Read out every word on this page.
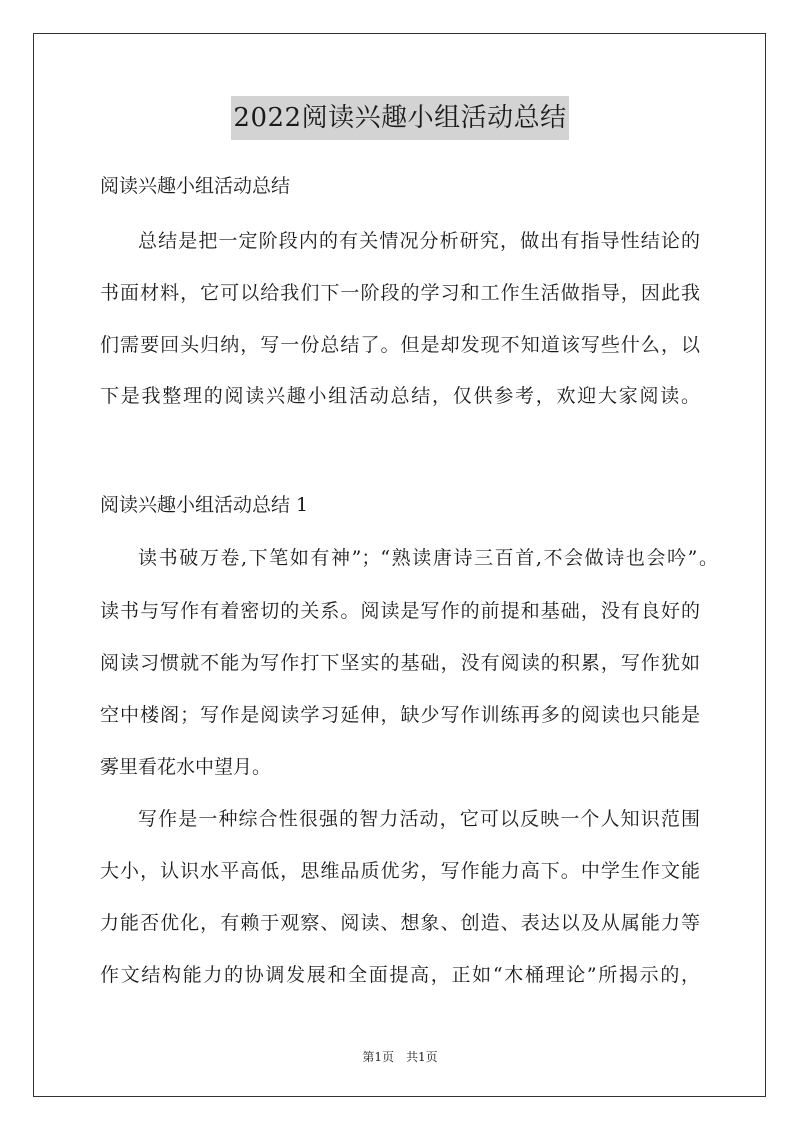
2022阅读兴趣小组活动总结
阅读兴趣小组活动总结
总结是把一定阶段内的有关情况分析研究，做出有指导性结论的
书面材料，它可以给我们下一阶段的学习和工作生活做指导，因此我
们需要回头归纳，写一份总结了。但是却发现不知道该写些什么，以
下是我整理的阅读兴趣小组活动总结，仅供参考，欢迎大家阅读。
阅读兴趣小组活动总结 1
读书破万卷,下笔如有神”；“熟读唐诗三百首,不会做诗也会吟”。
读书与写作有着密切的关系。阅读是写作的前提和基础，没有良好的
阅读习惯就不能为写作打下坚实的基础，没有阅读的积累，写作犹如
空中楼阁；写作是阅读学习延伸，缺少写作训练再多的阅读也只能是
雾里看花水中望月。
写作是一种综合性很强的智力活动，它可以反映一个人知识范围
大小，认识水平高低，思维品质优劣，写作能力高下。中学生作文能
力能否优化，有赖于观察、阅读、想象、创造、表达以及从属能力等
作文结构能力的协调发展和全面提高，正如“木桶理论”所揭示的，
第1页　共1页
